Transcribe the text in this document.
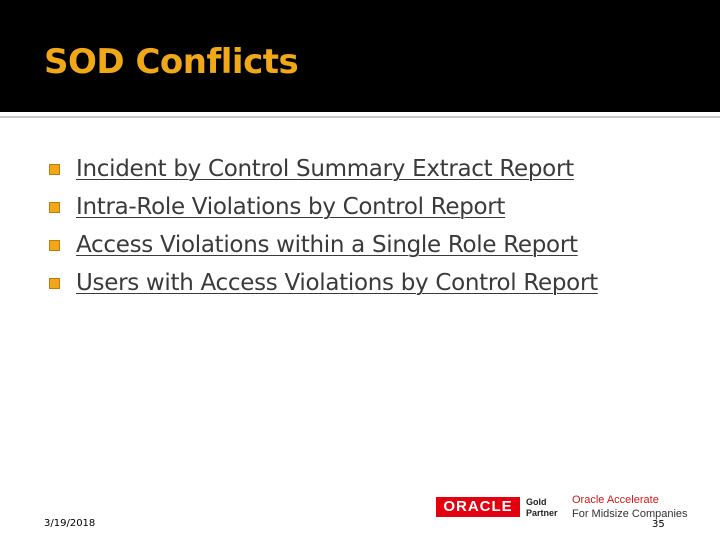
SOD Conflicts
Incident by Control Summary Extract Report
Intra-Role Violations by Control Report
Access Violations within a Single Role Report
Users with Access Violations by Control Report
3/19/2018
ORACLE	Gold
Partner
Oracle Accelerate
For Midsize Companies
35
